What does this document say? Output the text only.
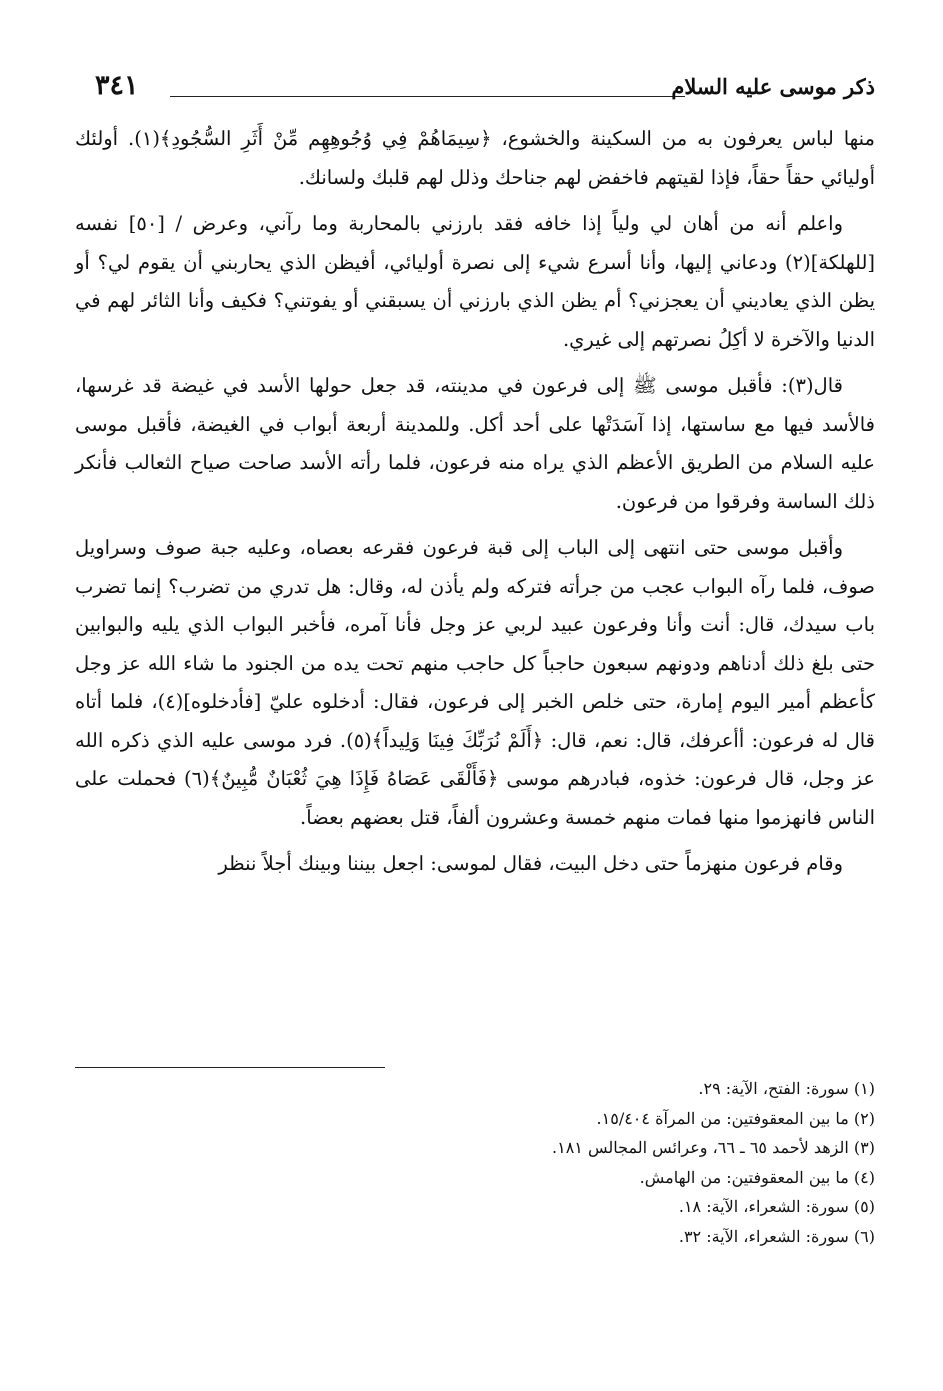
٣٤١	ذكر موسى عليه السلام

منها لباس يعرفون به من السكينة والخشوع، ﴿سِيمَاهُمْ فِي وُجُوهِهِم مِّنْ أَثَرِ السُّجُودِ﴾(١). أولئك أوليائي حقاً حقاً، فإذا لقيتهم فاخفض لهم جناحك وذلل لهم قلبك ولسانك.

واعلم أنه من أهان لي ولياً إذا خافه فقد بارزني بالمحاربة وما رآني، وعرض / [٥٠] نفسه [للهلكة](٢) ودعاني إليها، وأنا أسرع شيء إلى نصرة أوليائي، أفيظن الذي يحاربني أن يقوم لي؟ أو يظن الذي يعاديني أن يعجزني؟ أم يظن الذي بارزني أن يسبقني أو يفوتني؟ فكيف وأنا الثائر لهم في الدنيا والآخرة لا أكِلُ نصرتهم إلى غيري.

قال(٣): فأقبل موسى ﷺ إلى فرعون في مدينته، قد جعل حولها الأسد في غيضة قد غرسها، فالأسد فيها مع ساستها، إذا آسَدَتْها على أحد أكل. وللمدينة أربعة أبواب في الغيضة، فأقبل موسى عليه السلام من الطريق الأعظم الذي يراه منه فرعون، فلما رأته الأسد صاحت صياح الثعالب فأنكر ذلك الساسة وفرقوا من فرعون.

وأقبل موسى حتى انتهى إلى الباب إلى قبة فرعون فقرعه بعصاه، وعليه جبة صوف وسراويل صوف، فلما رآه البواب عجب من جرأته فتركه ولم يأذن له، وقال: هل تدري من تضرب؟ إنما تضرب باب سيدك، قال: أنت وأنا وفرعون عبيد لربي عز وجل فأنا آمره، فأخبر البواب الذي يليه والبوابين حتى بلغ ذلك أدناهم ودونهم سبعون حاجباً كل حاجب منهم تحت يده من الجنود ما شاء الله عز وجل كأعظم أمير اليوم إمارة، حتى خلص الخبر إلى فرعون، فقال: أدخلوه عليّ [فأدخلوه](٤)، فلما أتاه قال له فرعون: أأعرفك، قال: نعم، قال: ﴿أَلَمْ نُرَبِّكَ فِينَا وَلِيداً﴾(٥). فرد موسى عليه الذي ذكره الله عز وجل، قال فرعون: خذوه، فبادرهم موسى ﴿فَأَلْقَى عَصَاهُ فَإِذَا هِيَ ثُعْبَانٌ مُّبِينٌ﴾(٦) فحملت على الناس فانهزموا منها فمات منهم خمسة وعشرون ألفاً، قتل بعضهم بعضاً.

وقام فرعون منهزماً حتى دخل البيت، فقال لموسى: اجعل بيننا وبينك أجلاً ننظر

(١) سورة: الفتح، الآية: ٢٩.
(٢) ما بين المعقوفتين: من المرآة ١٥/٤٠٤.
(٣) الزهد لأحمد ٦٥ ـ ٦٦، وعرائس المجالس ١٨١.
(٤) ما بين المعقوفتين: من الهامش.
(٥) سورة: الشعراء، الآية: ١٨.
(٦) سورة: الشعراء، الآية: ٣٢.
